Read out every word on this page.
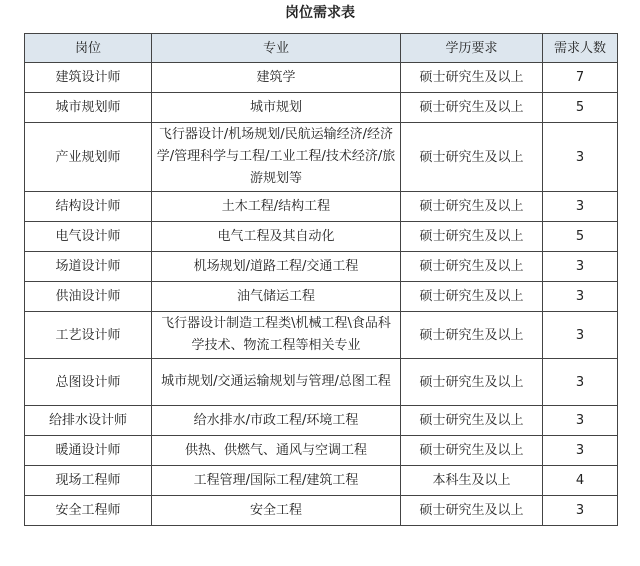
岗位需求表
岗位	专业	学历要求	需求人数
建筑设计师	建筑学	硕士研究生及以上	7
城市规划师	城市规划	硕士研究生及以上	5
产业规划师	飞行器设计/机场规划/民航运输经济/经济学/管理科学与工程/工业工程/技术经济/旅游规划等	硕士研究生及以上	3
结构设计师	土木工程/结构工程	硕士研究生及以上	3
电气设计师	电气工程及其自动化	硕士研究生及以上	5
场道设计师	机场规划/道路工程/交通工程	硕士研究生及以上	3
供油设计师	油气储运工程	硕士研究生及以上	3
工艺设计师	飞行器设计制造工程类\机械工程\食品科学技术、物流工程等相关专业	硕士研究生及以上	3
总图设计师	城市规划/交通运输规划与管理/总图工程	硕士研究生及以上	3
给排水设计师	给水排水/市政工程/环境工程	硕士研究生及以上	3
暖通设计师	供热、供燃气、通风与空调工程	硕士研究生及以上	3
现场工程师	工程管理/国际工程/建筑工程	本科生及以上	4
安全工程师	安全工程	硕士研究生及以上	3
